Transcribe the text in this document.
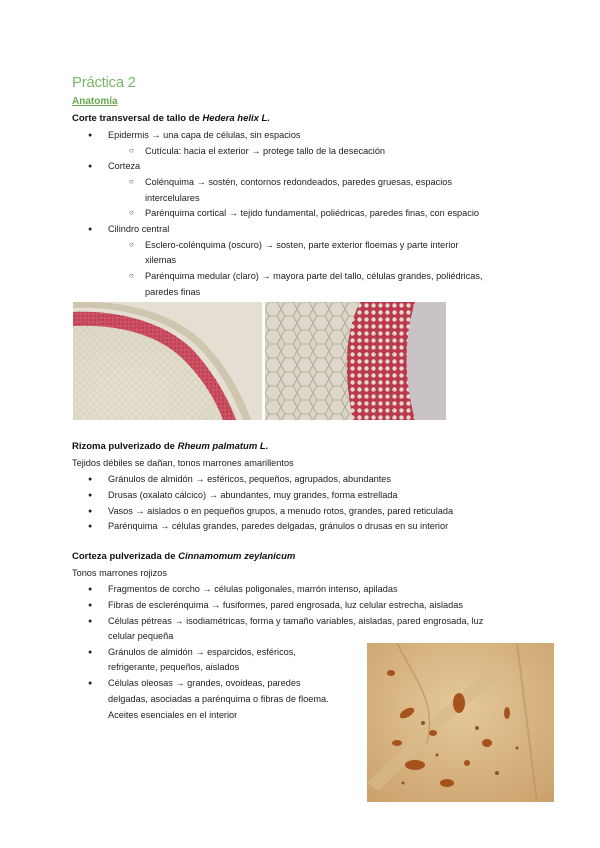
Práctica 2
Anatomía
Corte transversal de tallo de Hedera helix L.
● Epidermis → una capa de células, sin espacios
○ Cutícula: hacia el exterior → protege tallo de la desecación
● Corteza
○ Colénquima → sostén, contornos redondeados, paredes gruesas, espacios
intercelulares
○ Parénquima cortical → tejido fundamental, poliédricas, paredes finas, con espacio
● Cilindro central
○ Esclero-colénquima (oscuro) → sosten, parte exterior floemas y parte interior
xilemas
○ Parénquima medular (claro) → mayora parte del tallo, células grandes, poliédricas,
paredes finas
Rizoma pulverizado de Rheum palmatum L.
Tejidos débiles se dañan, tonos marrones amarillentos
● Gránulos de almidón → esféricos, pequeños, agrupados, abundantes
● Drusas (oxalato cálcico) → abundantes, muy grandes, forma estrellada
● Vasos → aislados o en pequeños grupos, a menudo rotos, grandes, pared reticulada
● Parénquima → células grandes, paredes delgadas, gránulos o drusas en su interior
Corteza pulverizada de Cinnamomum zeylanicum
Tonos marrones rojizos
● Fragmentos de corcho → células poligonales, marrón intenso, apiladas
● Fibras de esclerénquima → fusiformes, pared engrosada, luz celular estrecha, aisladas
● Células pétreas → isodiamétricas, forma y tamaño variables, aisladas, pared engrosada, luz
celular pequeña
● Gránulos de almidón → esparcidos, esféricos,
refrigerante, pequeños, aislados
● Células oleosas → grandes, ovoideas, paredes
delgadas, asociadas a parénquima o fibras de floema.
Aceites esenciales en el interior
